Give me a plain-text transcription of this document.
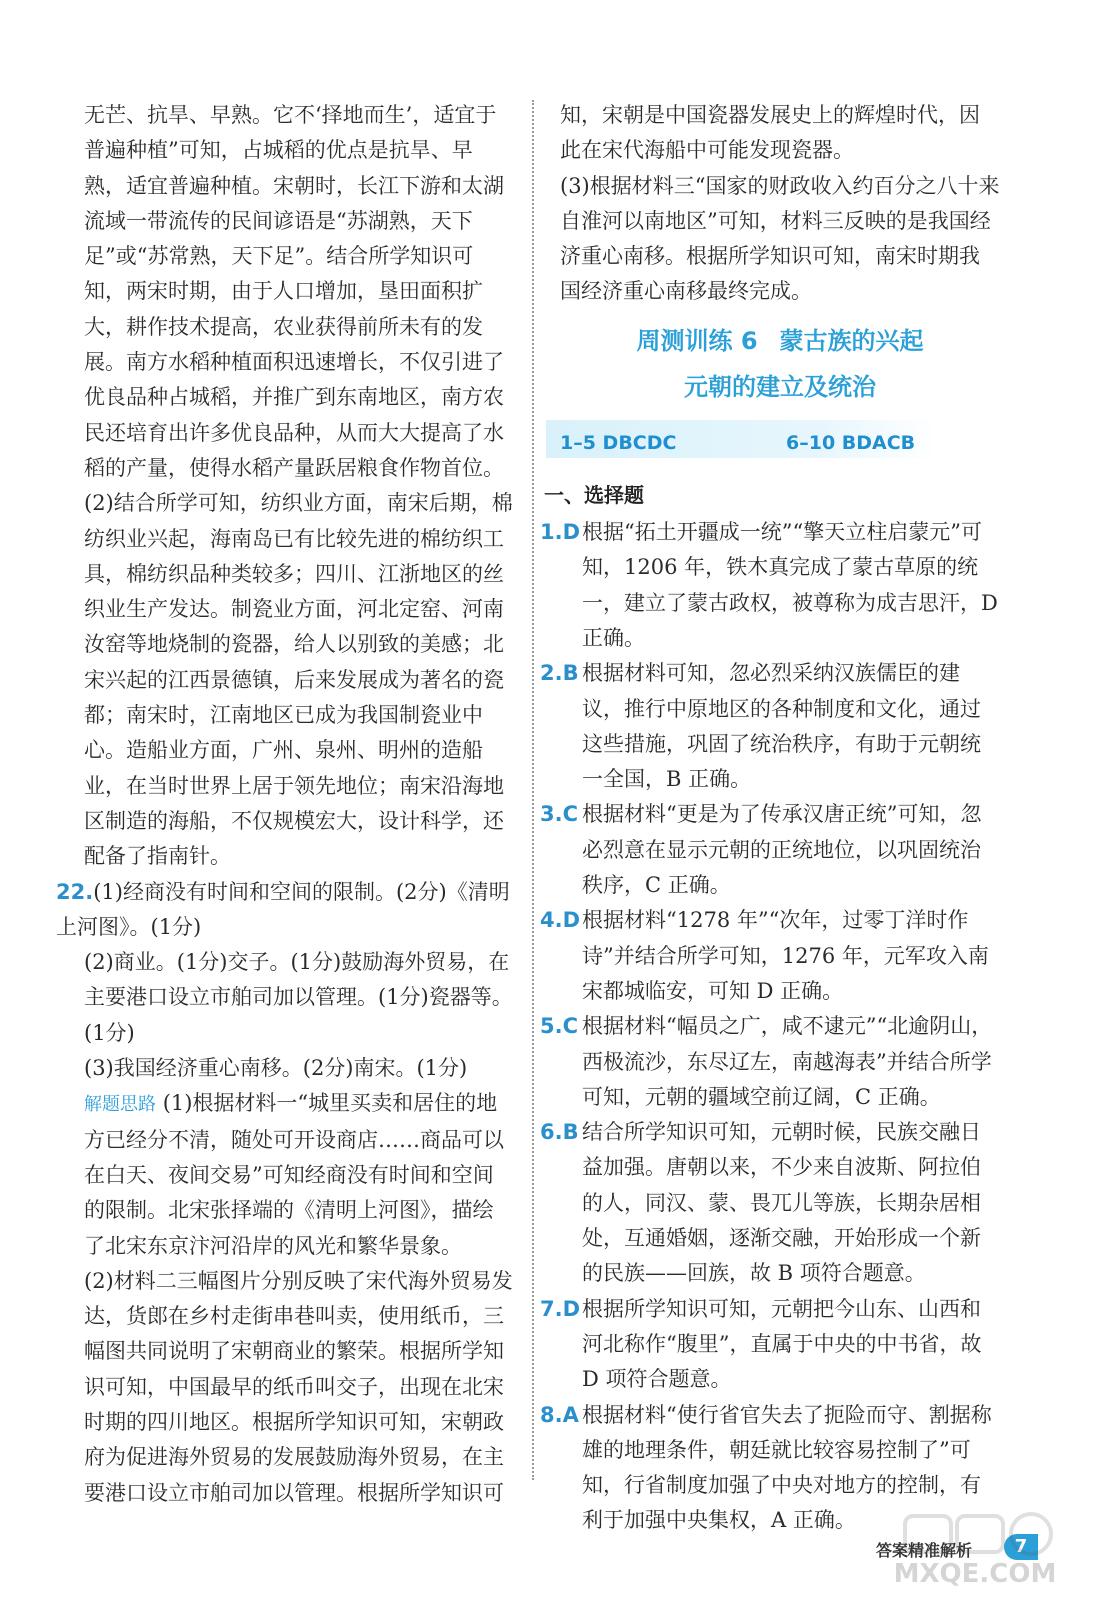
无芒、抗旱、早熟。它不‘择地而生’，适宜于普遍种植”可知，占城稻的优点是抗旱、早熟，适宜普遍种植。宋朝时，长江下游和太湖流域一带流传的民间谚语是“苏湖熟，天下足”或“苏常熟，天下足”。结合所学知识可知，两宋时期，由于人口增加，垦田面积扩大，耕作技术提高，农业获得前所未有的发展。南方水稻种植面积迅速增长，不仅引进了优良品种占城稻，并推广到东南地区，南方农民还培育出许多优良品种，从而大大提高了水稻的产量，使得水稻产量跃居粮食作物首位。

(2)结合所学可知，纺织业方面，南宋后期，棉纺织业兴起，海南岛已有比较先进的棉纺织工具，棉纺织品种类较多；四川、江浙地区的丝织业生产发达。制瓷业方面，河北定窑、河南汝窑等地烧制的瓷器，给人以别致的美感；北宋兴起的江西景德镇，后来发展成为著名的瓷都；南宋时，江南地区已成为我国制瓷业中心。造船业方面，广州、泉州、明州的造船业，在当时世界上居于领先地位；南宋沿海地区制造的海船，不仅规模宏大，设计科学，还配备了指南针。

22.(1)经商没有时间和空间的限制。(2分)《清明上河图》。(1分)

(2)商业。(1分)交子。(1分)鼓励海外贸易，在主要港口设立市舶司加以管理。(1分)瓷器等。(1分)

(3)我国经济重心南移。(2分)南宋。(1分)

解题思路 (1)根据材料一“城里买卖和居住的地方已经分不清，随处可开设商店……商品可以在白天、夜间交易”可知经商没有时间和空间的限制。北宋张择端的《清明上河图》，描绘了北宋东京汴河沿岸的风光和繁华景象。

(2)材料二三幅图片分别反映了宋代海外贸易发达，货郎在乡村走街串巷叫卖，使用纸币，三幅图共同说明了宋朝商业的繁荣。根据所学知识可知，中国最早的纸币叫交子，出现在北宋时期的四川地区。根据所学知识可知，宋朝政府为促进海外贸易的发展鼓励海外贸易，在主要港口设立市舶司加以管理。根据所学知识可

知，宋朝是中国瓷器发展史上的辉煌时代，因此在宋代海船中可能发现瓷器。

(3)根据材料三“国家的财政收入约百分之八十来自淮河以南地区”可知，材料三反映的是我国经济重心南移。根据所学知识可知，南宋时期我国经济重心南移最终完成。

周测训练 6 蒙古族的兴起
元朝的建立及统治
1–5 DBCDC	6–10 BDACB
一、选择题
1.D 根据“拓土开疆成一统”“擎天立柱启蒙元”可知，1206 年，铁木真完成了蒙古草原的统一，建立了蒙古政权，被尊称为成吉思汗，D 正确。
2.B 根据材料可知，忽必烈采纳汉族儒臣的建议，推行中原地区的各种制度和文化，通过这些措施，巩固了统治秩序，有助于元朝统一全国，B 正确。
3.C 根据材料“更是为了传承汉唐正统”可知，忽必烈意在显示元朝的正统地位，以巩固统治秩序，C 正确。
4.D 根据材料“1278 年”“次年，过零丁洋时作诗”并结合所学可知，1276 年，元军攻入南宋都城临安，可知 D 正确。
5.C 根据材料“幅员之广，咸不逮元”“北逾阴山，西极流沙，东尽辽左，南越海表”并结合所学可知，元朝的疆域空前辽阔，C 正确。
6.B 结合所学知识可知，元朝时候，民族交融日益加强。唐朝以来，不少来自波斯、阿拉伯的人，同汉、蒙、畏兀儿等族，长期杂居相处，互通婚姻，逐渐交融，开始形成一个新的民族——回族，故 B 项符合题意。
7.D 根据所学知识可知，元朝把今山东、山西和河北称作“腹里”，直属于中央的中书省，故 D 项符合题意。
8.A 根据材料“使行省官失去了扼险而守、割据称雄的地理条件，朝廷就比较容易控制了”可知，行省制度加强了中央对地方的控制，有利于加强中央集权，A 正确。
答案精准解析	7
MXQE.COM
